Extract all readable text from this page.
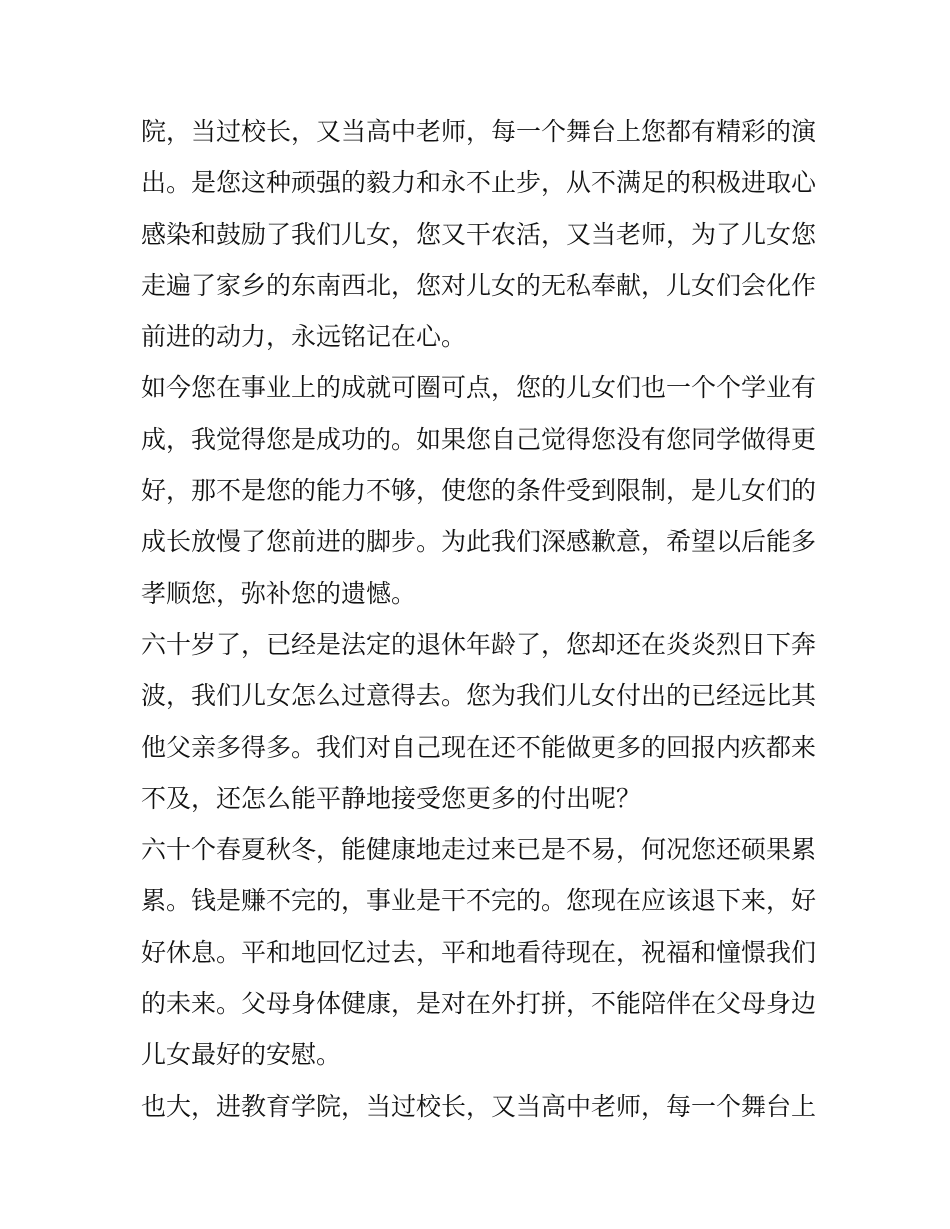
院，当过校长，又当高中老师，每一个舞台上您都有精彩的演
出。是您这种顽强的毅力和永不止步，从不满足的积极进取心
感染和鼓励了我们儿女，您又干农活，又当老师，为了儿女您
走遍了家乡的东南西北，您对儿女的无私奉献，儿女们会化作
前进的动力，永远铭记在心。
如今您在事业上的成就可圈可点，您的儿女们也一个个学业有
成，我觉得您是成功的。如果您自己觉得您没有您同学做得更
好，那不是您的能力不够，使您的条件受到限制，是儿女们的
成长放慢了您前进的脚步。为此我们深感歉意，希望以后能多
孝顺您，弥补您的遗憾。
六十岁了，已经是法定的退休年龄了，您却还在炎炎烈日下奔
波，我们儿女怎么过意得去。您为我们儿女付出的已经远比其
他父亲多得多。我们对自己现在还不能做更多的回报内疚都来
不及，还怎么能平静地接受您更多的付出呢？
六十个春夏秋冬，能健康地走过来已是不易，何况您还硕果累
累。钱是赚不完的，事业是干不完的。您现在应该退下来，好
好休息。平和地回忆过去，平和地看待现在，祝福和憧憬我们
的未来。父母身体健康，是对在外打拼，不能陪伴在父母身边
儿女最好的安慰。
也大，进教育学院，当过校长，又当高中老师，每一个舞台上
